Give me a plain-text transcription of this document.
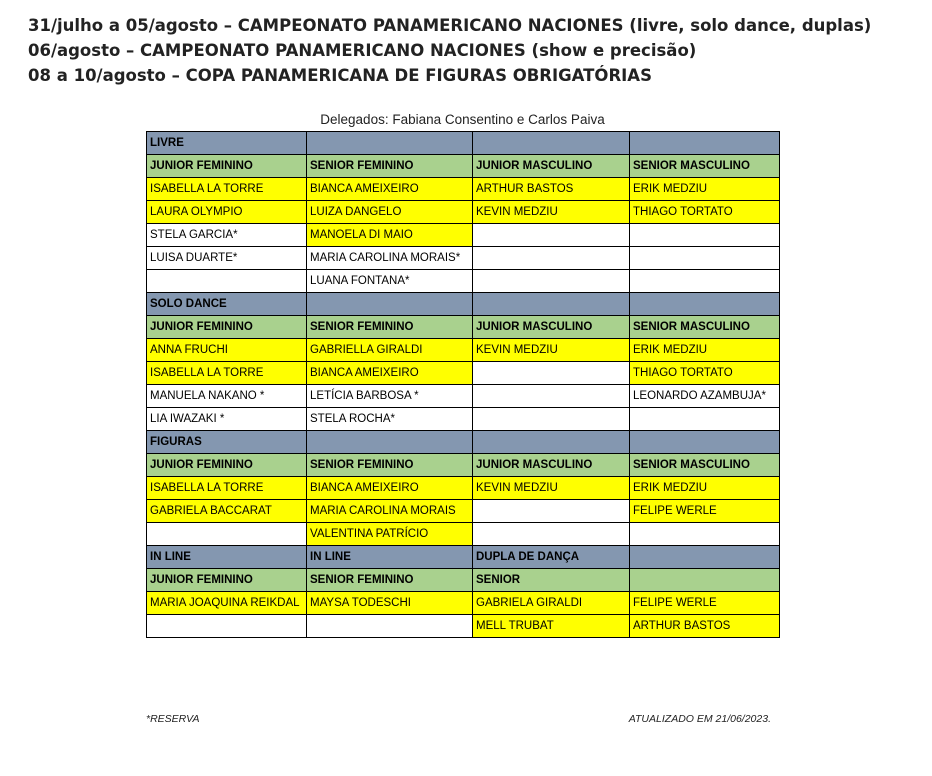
31/julho a 05/agosto – CAMPEONATO PANAMERICANO NACIONES (livre, solo dance, duplas)
06/agosto – CAMPEONATO PANAMERICANO NACIONES (show e precisão)
08 a 10/agosto – COPA PANAMERICANA DE FIGURAS OBRIGATÓRIAS
Delegados: Fabiana Consentino e Carlos Paiva
LIVRE			
JUNIOR FEMININO	SENIOR FEMININO	JUNIOR MASCULINO	SENIOR MASCULINO
ISABELLA LA TORRE	BIANCA AMEIXEIRO	ARTHUR BASTOS	ERIK MEDZIU
LAURA OLYMPIO	LUIZA DANGELO	KEVIN MEDZIU	THIAGO TORTATO
STELA GARCIA*	MANOELA DI MAIO		
LUISA DUARTE*	MARIA CAROLINA MORAIS*		
	LUANA FONTANA*		
SOLO DANCE			
JUNIOR FEMININO	SENIOR FEMININO	JUNIOR MASCULINO	SENIOR MASCULINO
ANNA FRUCHI	GABRIELLA GIRALDI	KEVIN MEDZIU	ERIK MEDZIU
ISABELLA LA TORRE	BIANCA AMEIXEIRO		THIAGO TORTATO
MANUELA NAKANO *	LETÍCIA BARBOSA *		LEONARDO AZAMBUJA*
LIA IWAZAKI *	STELA ROCHA*		
FIGURAS			
JUNIOR FEMININO	SENIOR FEMININO	JUNIOR MASCULINO	SENIOR MASCULINO
ISABELLA LA TORRE	BIANCA AMEIXEIRO	KEVIN MEDZIU	ERIK MEDZIU
GABRIELA BACCARAT	MARIA CAROLINA MORAIS		FELIPE WERLE
	VALENTINA PATRÍCIO		
IN LINE	IN LINE	DUPLA DE DANÇA	
JUNIOR FEMININO	SENIOR FEMININO	SENIOR	
MARIA JOAQUINA REIKDAL	MAYSA TODESCHI	GABRIELA GIRALDI	FELIPE WERLE
		MELL TRUBAT	ARTHUR BASTOS
*RESERVA	ATUALIZADO EM 21/06/2023.
